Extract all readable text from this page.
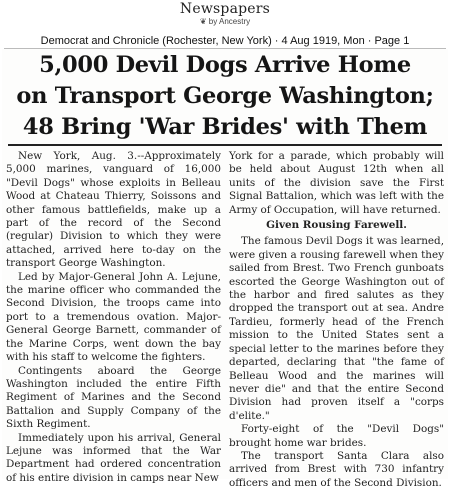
Newspapers
❦ by Ancestry
Democrat and Chronicle (Rochester, New York) · 4 Aug 1919, Mon · Page 1
5,000 Devil Dogs Arrive Home
on Transport George Washington;
48 Bring 'War Brides' with Them

New York, Aug. 3.--Approximately 5,000 marines, vanguard of 16,000 "Devil Dogs" whose exploits in Belleau Wood at Chateau Thierry, Soissons and other famous battlefields, make up a part of the record of the Second (regular) Division to which they were attached, arrived here to-day on the transport George Washington.

Led by Major-General John A. Lejune, the marine officer who commanded the Second Division, the troops came into port to a tremendous ovation. Major-General George Barnett, commander of the Marine Corps, went down the bay with his staff to welcome the fighters.

Contingents aboard the George Washington included the entire Fifth Regiment of Marines and the Second Battalion and Supply Company of the Sixth Regiment.

Immediately upon his arrival, General Lejune was informed that the War Department had ordered concentration of his entire division in camps near New

York for a parade, which probably will be held about August 12th when all units of the division save the First Signal Battalion, which was left with the Army of Occupation, will have returned.

Given Rousing Farewell.

The famous Devil Dogs it was learned, were given a rousing farewell when they sailed from Brest. Two French gunboats escorted the George Washington out of the harbor and fired salutes as they dropped the transport out at sea. Andre Tardieu, formerly head of the French mission to the United States sent a special letter to the marines before they departed, declaring that "the fame of Belleau Wood and the marines will never die" and that the entire Second Division had proven itself a "corps d'elite."

Forty-eight of the "Devil Dogs" brought home war brides.

The transport Santa Clara also arrived from Brest with 730 infantry officers and men of the Second Division.
